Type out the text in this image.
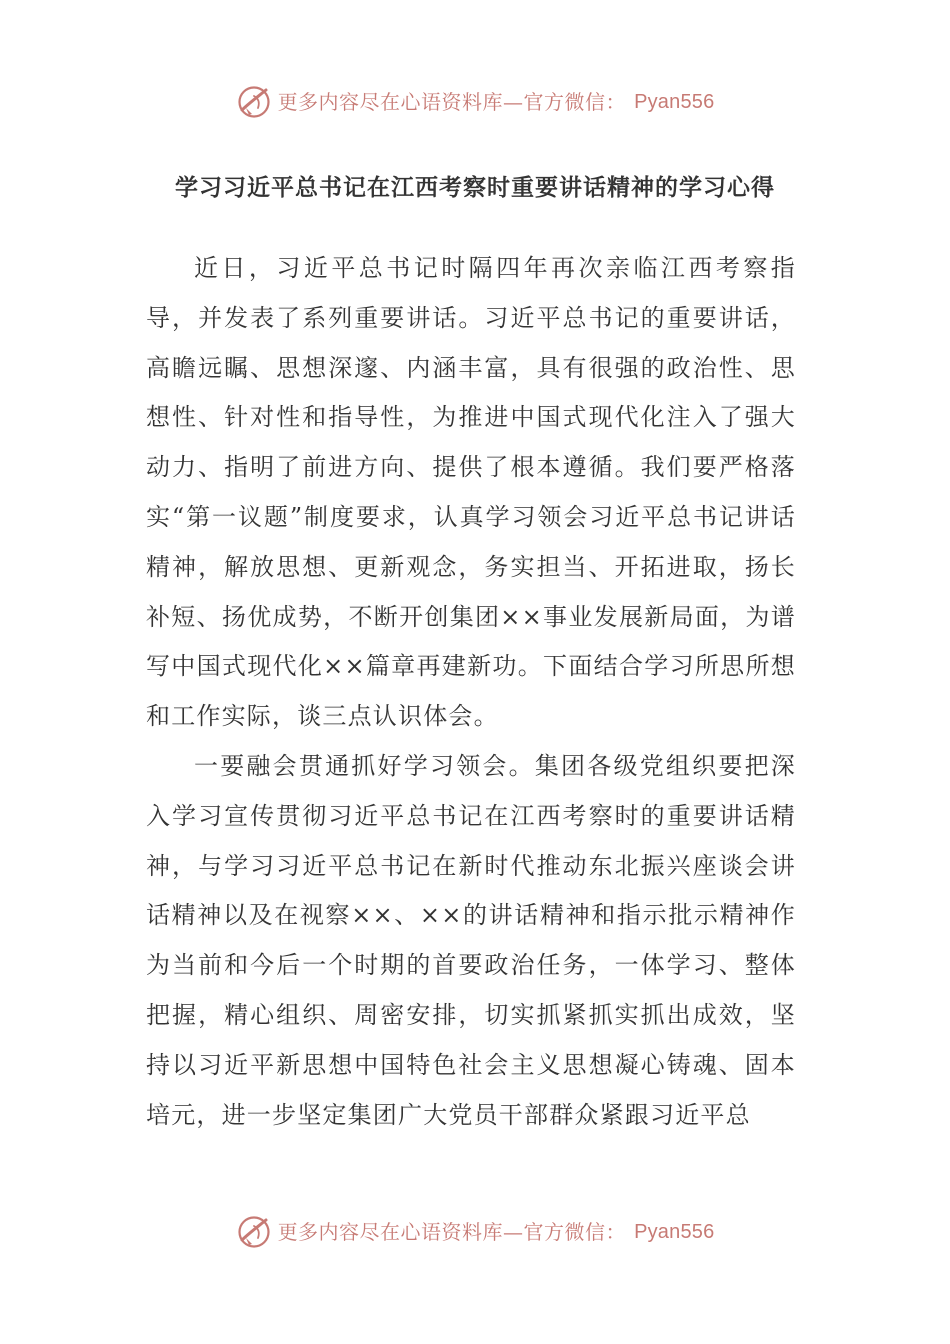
更多内容尽在心语资料库—官方微信： Pyan556
学习习近平总书记在江西考察时重要讲话精神的学习心得

近日，习近平总书记时隔四年再次亲临江西考察指导，并发表了系列重要讲话。习近平总书记的重要讲话，高瞻远瞩、思想深邃、内涵丰富，具有很强的政治性、思想性、针对性和指导性，为推进中国式现代化注入了强大动力、指明了前进方向、提供了根本遵循。我们要严格落实“第一议题”制度要求，认真学习领会习近平总书记讲话精神，解放思想、更新观念，务实担当、开拓进取，扬长补短、扬优成势，不断开创集团××事业发展新局面，为谱写中国式现代化××篇章再建新功。下面结合学习所思所想和工作实际，谈三点认识体会。

一要融会贯通抓好学习领会。集团各级党组织要把深入学习宣传贯彻习近平总书记在江西考察时的重要讲话精神，与学习习近平总书记在新时代推动东北振兴座谈会讲话精神以及在视察××、××的讲话精神和指示批示精神作为当前和今后一个时期的首要政治任务，一体学习、整体把握，精心组织、周密安排，切实抓紧抓实抓出成效，坚持以习近平新思想中国特色社会主义思想凝心铸魂、固本培元，进一步坚定集团广大党员干部群众紧跟习近平总

更多内容尽在心语资料库—官方微信： Pyan556
